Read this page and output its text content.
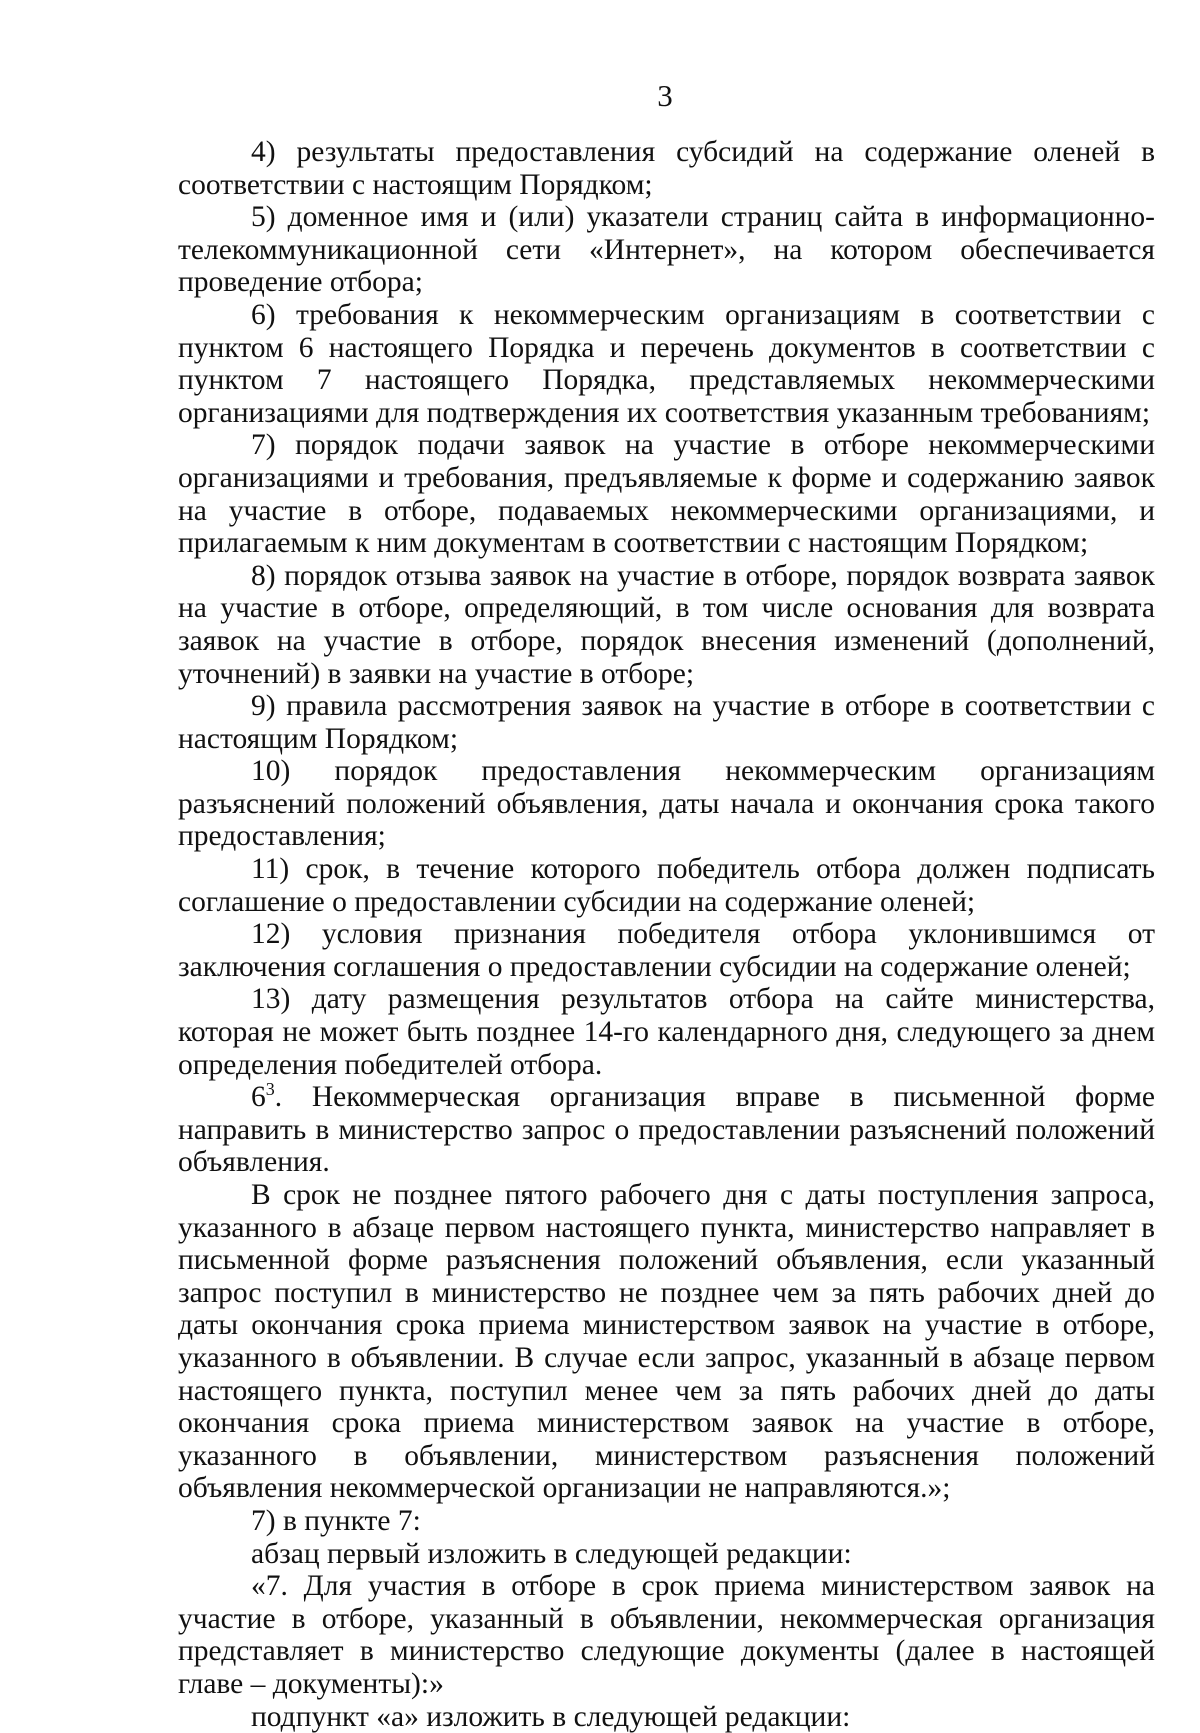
3

4) результаты предоставления субсидий на содержание оленей в соответствии с настоящим Порядком;

5) доменное имя и (или) указатели страниц сайта в информационно-телекоммуникационной сети «Интернет», на котором обеспечивается проведение отбора;

6) требования к некоммерческим организациям в соответствии с пунктом 6 настоящего Порядка и перечень документов в соответствии с пунктом 7 настоящего Порядка, представляемых некоммерческими организациями для подтверждения их соответствия указанным требованиям;

7) порядок подачи заявок на участие в отборе некоммерческими организациями и требования, предъявляемые к форме и содержанию заявок на участие в отборе, подаваемых некоммерческими организациями, и прилагаемым к ним документам в соответствии с настоящим Порядком;

8) порядок отзыва заявок на участие в отборе, порядок возврата заявок на участие в отборе, определяющий, в том числе основания для возврата заявок на участие в отборе, порядок внесения изменений (дополнений, уточнений) в заявки на участие в отборе;

9) правила рассмотрения заявок на участие в отборе в соответствии с настоящим Порядком;

10) порядок предоставления некоммерческим организациям разъяснений положений объявления, даты начала и окончания срока такого предоставления;

11) срок, в течение которого победитель отбора должен подписать соглашение о предоставлении субсидии на содержание оленей;

12) условия признания победителя отбора уклонившимся от заключения соглашения о предоставлении субсидии на содержание оленей;

13) дату размещения результатов отбора на сайте министерства, которая не может быть позднее 14-го календарного дня, следующего за днем определения победителей отбора.

$6^3$. Некоммерческая организация вправе в письменной форме направить в министерство запрос о предоставлении разъяснений положений объявления.

В срок не позднее пятого рабочего дня с даты поступления запроса, указанного в абзаце первом настоящего пункта, министерство направляет в письменной форме разъяснения положений объявления, если указанный запрос поступил в министерство не позднее чем за пять рабочих дней до даты окончания срока приема министерством заявок на участие в отборе, указанного в объявлении. В случае если запрос, указанный в абзаце первом настоящего пункта, поступил менее чем за пять рабочих дней до даты окончания срока приема министерством заявок на участие в отборе, указанного в объявлении, министерством разъяснения положений объявления некоммерческой организации не направляются.»;

7) в пункте 7:

абзац первый изложить в следующей редакции:

«7. Для участия в отборе в срок приема министерством заявок на участие в отборе, указанный в объявлении, некоммерческая организация представляет в министерство следующие документы (далее в настоящей главе – документы):»

подпункт «а» изложить в следующей редакции:
